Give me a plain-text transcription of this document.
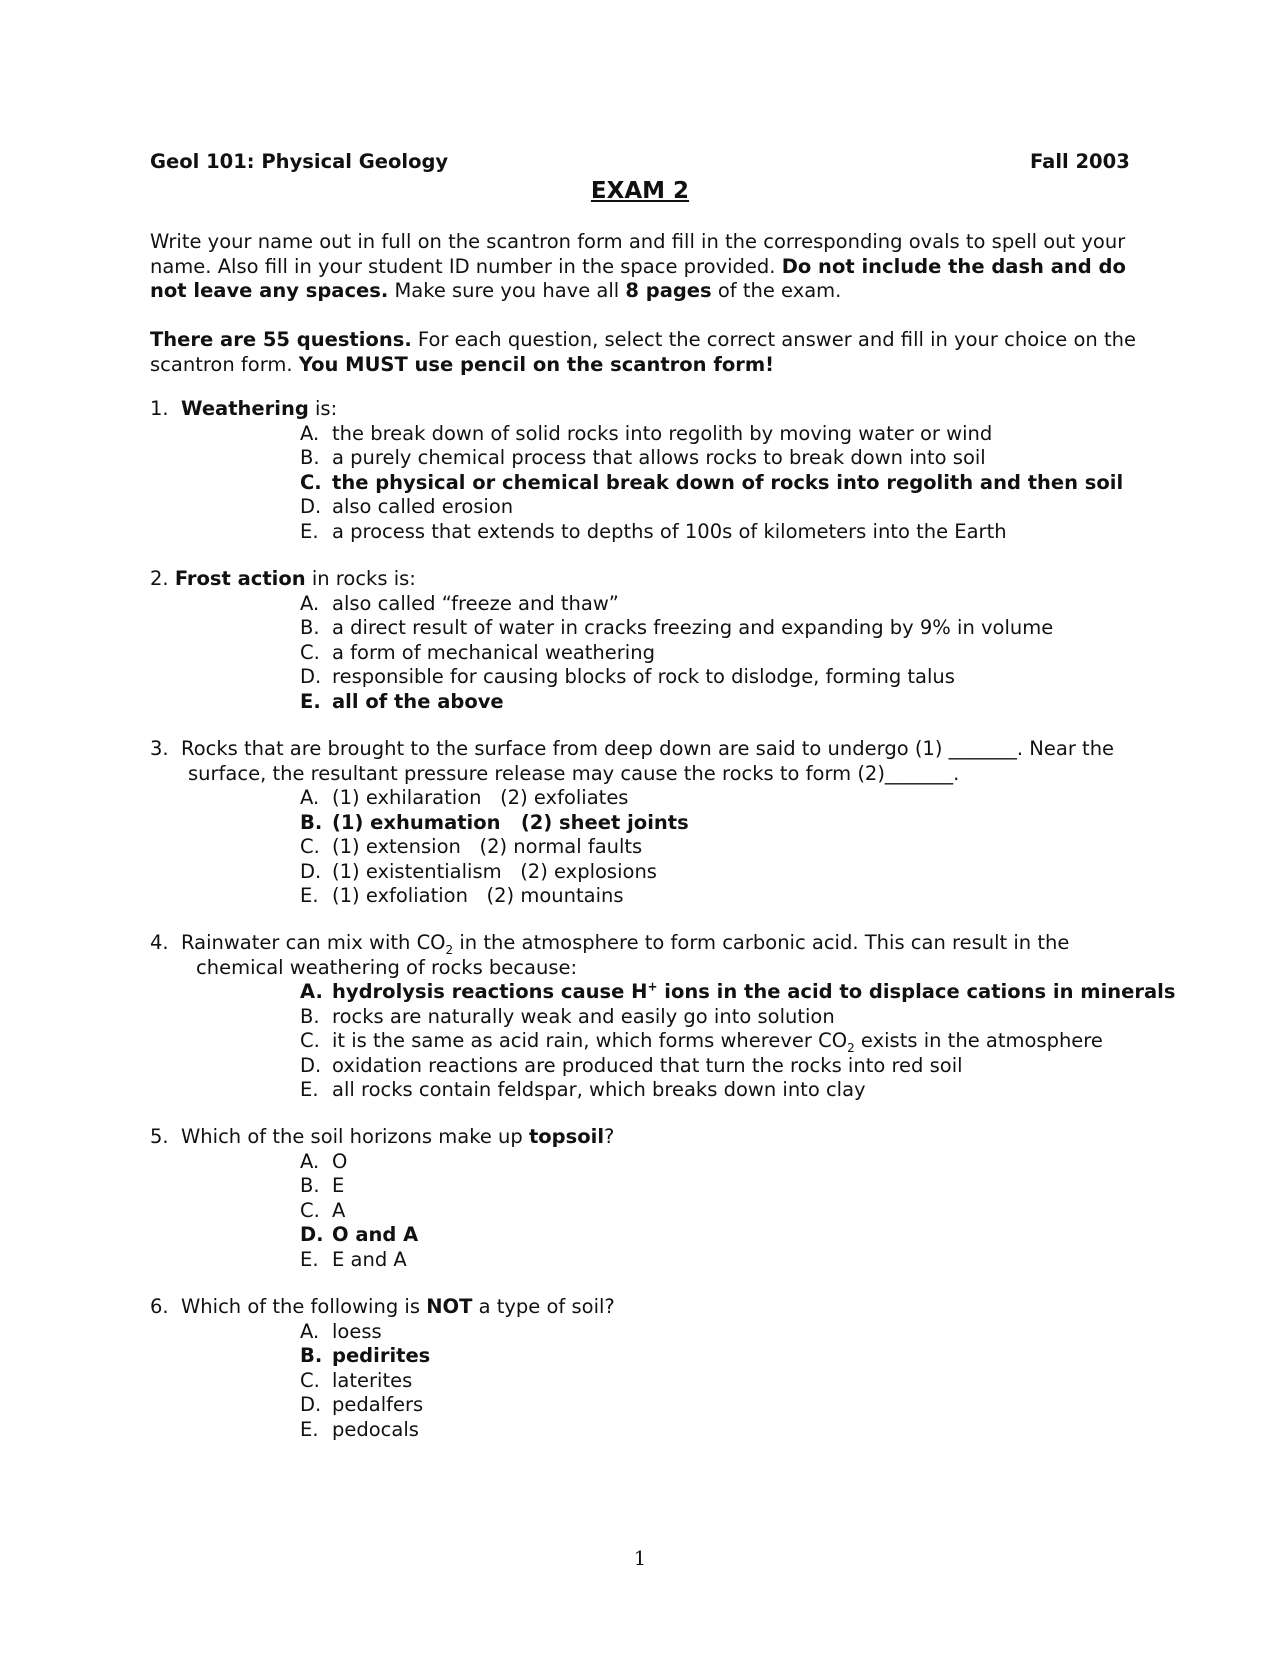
Geol 101: Physical Geology	Fall 2003
EXAM 2
Write your name out in full on the scantron form and fill in the corresponding ovals to spell out your name. Also fill in your student ID number in the space provided. Do not include the dash and do not leave any spaces. Make sure you have all 8 pages of the exam.
There are 55 questions. For each question, select the correct answer and fill in your choice on the scantron form. You MUST use pencil on the scantron form!
1. Weathering is:
A. the break down of solid rocks into regolith by moving water or wind
B. a purely chemical process that allows rocks to break down into soil
C. the physical or chemical break down of rocks into regolith and then soil
D. also called erosion
E. a process that extends to depths of 100s of kilometers into the Earth
2. Frost action in rocks is:
A. also called “freeze and thaw”
B. a direct result of water in cracks freezing and expanding by 9% in volume
C. a form of mechanical weathering
D. responsible for causing blocks of rock to dislodge, forming talus
E. all of the above
3. Rocks that are brought to the surface from deep down are said to undergo (1) _______. Near the
surface, the resultant pressure release may cause the rocks to form (2)_______.
A. (1) exhilaration   (2) exfoliates
B. (1) exhumation   (2) sheet joints
C. (1) extension   (2) normal faults
D. (1) existentialism   (2) explosions
E. (1) exfoliation   (2) mountains
4. Rainwater can mix with $CO_2$ in the atmosphere to form carbonic acid. This can result in the
chemical weathering of rocks because:
A. hydrolysis reactions cause H+ ions in the acid to displace cations in minerals
B. rocks are naturally weak and easily go into solution
C. it is the same as acid rain, which forms wherever $CO_2$ exists in the atmosphere
D. oxidation reactions are produced that turn the rocks into red soil
E. all rocks contain feldspar, which breaks down into clay
5. Which of the soil horizons make up topsoil?
A. O
B. E
C. A
D. O and A
E. E and A
6. Which of the following is NOT a type of soil?
A. loess
B. pedirites
C. laterites
D. pedalfers
E. pedocals
1
